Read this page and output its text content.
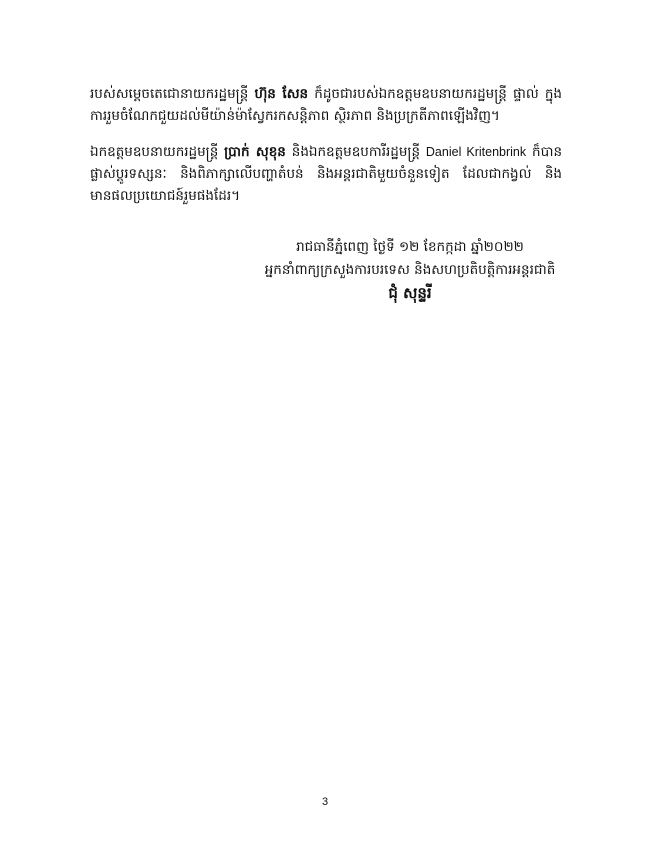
របស់សម្តេចតេជោនាយករដ្ឋមន្ត្រី ហ៊ុន សែន ក៏ដូចជារបស់ឯកឧត្តមឧបនាយករដ្ឋមន្ត្រី ផ្ទាល់ ក្នុងការរួមចំណែកជួយដល់មីយ៉ាន់ម៉ាស្វែករកសន្តិភាព ស្ថិរភាព និងប្រក្រតីភាពឡើងវិញ។

ឯកឧត្តមឧបនាយករដ្ឋមន្ត្រី ប្រាក់ សុខុន និងឯកឧត្តមឧបការីរដ្ឋមន្ត្រី Daniel Kritenbrink ក៏បានផ្លាស់ប្តូរទស្សនៈ និងពិភាក្សាលើបញ្ហាតំបន់ និងអន្តរជាតិមួយចំនួនទៀត ដែលជាកង្វល់ និងមានផលប្រយោជន៍រួមផងដែរ។

រាជធានីភ្នំពេញ ថ្ងៃទី ១២ ខែកក្កដា ឆ្នាំ២០២២
អ្នកនាំពាក្យក្រសួងការបរទេស និងសហប្រតិបត្តិការអន្តរជាតិ
ជុំ សុន្ទរី
3
